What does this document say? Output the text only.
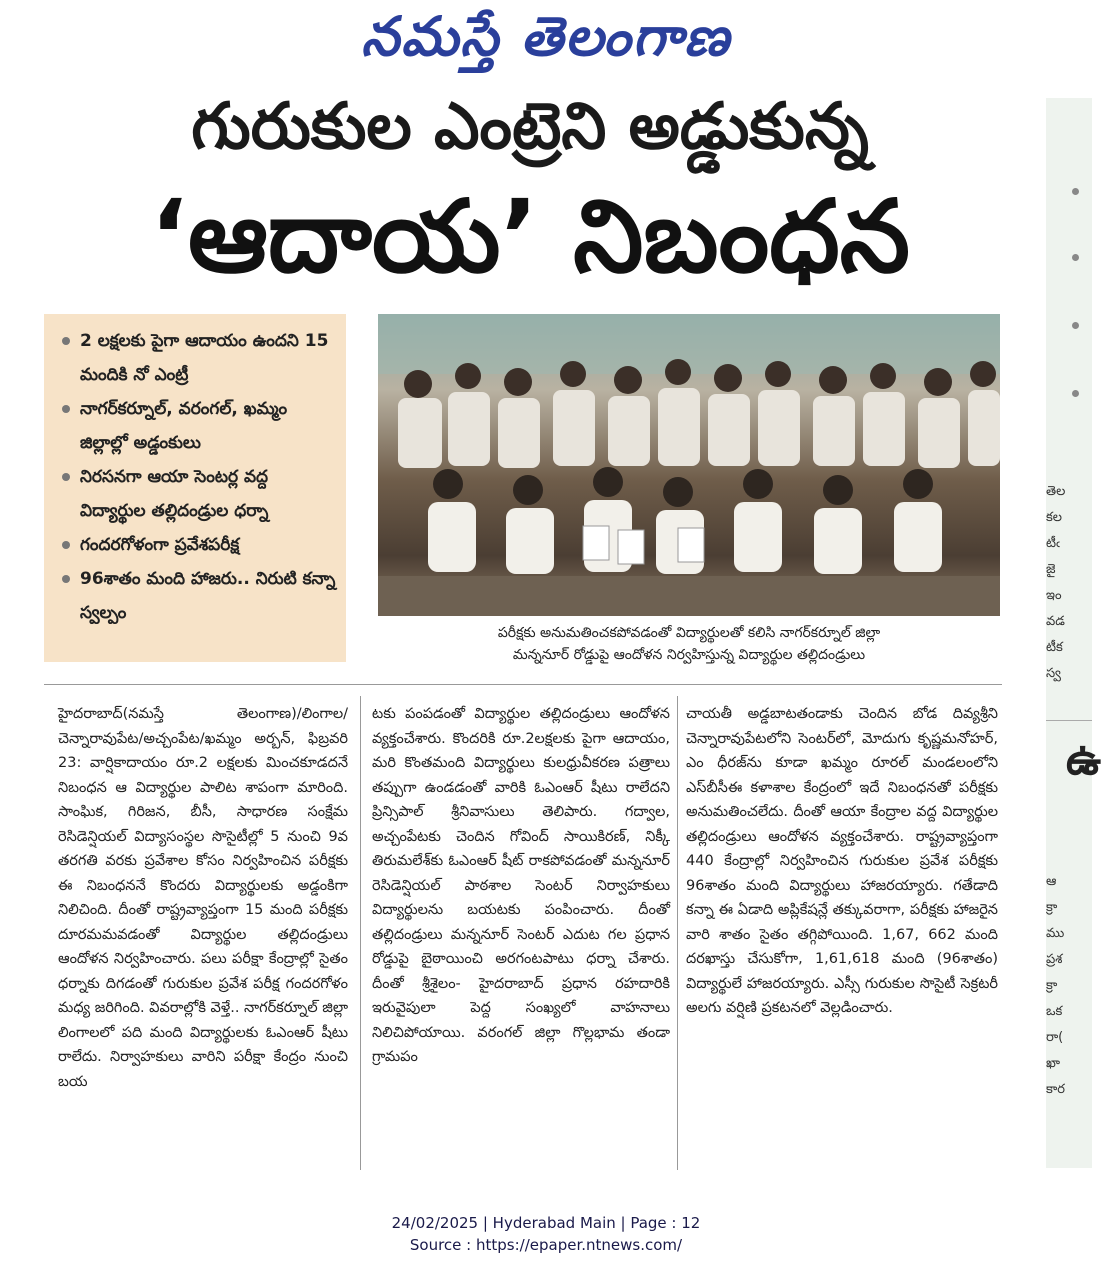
నమస్తే తెలంగాణ
గురుకుల ఎంట్రెని అడ్డుకున్న
‘ఆదాయ’ నిబంధన
2 లక్షలకు పైగా ఆదాయం ఉందని 15 మందికి నో ఎంట్రీ
నాగర్‌కర్నూల్‌, వరంగల్‌, ఖమ్మం జిల్లాల్లో అడ్డంకులు
నిరసనగా ఆయా సెంటర్ల వద్ద విద్యార్థుల తల్లిదండ్రుల ధర్నా
గందరగోళంగా ప్రవేశపరీక్ష
96శాతం మంది హాజరు.. నిరుటి కన్నా స్వల్పం
పరీక్షకు అనుమతించకపోవడంతో విద్యార్థులతో కలిసి నాగర్‌కర్నూల్‌ జిల్లా
మన్ననూర్‌ రోడ్డుపై ఆందోళన నిర్వహిస్తున్న విద్యార్థుల తల్లిదండ్రులు
హైదరాబాద్‌(నమస్తే తెలంగాణ)/లింగాల/చెన్నారావుపేట/అచ్చంపేట/ఖమ్మం అర్బన్‌, ఫిబ్రవరి 23: వార్షికాదాయం రూ.2 లక్షలకు మించకూడదనే నిబంధన ఆ విద్యార్థుల పాలిట శాపంగా మారింది. సాంఘిక, గిరిజన, బీసీ, సాధారణ సంక్షేమ రెసిడెన్షియల్‌ విద్యాసంస్థల సొసైటీల్లో 5 నుంచి 9వ తరగతి వరకు ప్రవేశాల కోసం నిర్వహించిన పరీక్షకు ఈ నిబంధననే కొందరు విద్యార్థులకు అడ్డంకిగా నిలిచింది. దీంతో రాష్ట్రవ్యాప్తంగా 15 మంది పరీక్షకు దూరమమవడంతో విద్యార్థుల తల్లిదండ్రులు ఆందోళన నిర్వహించారు. పలు పరీక్షా కేంద్రాల్లో సైతం ధర్నాకు దిగడంతో గురుకుల ప్రవేశ పరీక్ష గందరగోళం మధ్య జరిగింది. వివరాల్లోకి వెళ్తే.. నాగర్‌కర్నూల్‌ జిల్లా లింగాలలో పది మంది విద్యార్థులకు ఓఎంఆర్‌ షీటు రాలేదు. నిర్వాహకులు వారిని పరీక్షా కేంద్రం నుంచి బయ
టకు పంపడంతో విద్యార్థుల తల్లిదండ్రులు ఆందోళన వ్యక్తంచేశారు. కొందరికి రూ.2లక్షలకు పైగా ఆదాయం, మరి కొంతమంది విద్యార్థులు కులధ్రువీకరణ పత్రాలు తప్పుగా ఉండడంతో వారికి ఓఎంఆర్‌ షీటు రాలేదని ప్రిన్సిపాల్‌ శ్రీనివాసులు తెలిపారు. గద్వాల, అచ్చంపేటకు చెందిన గోవింద్‌ సాయికిరణ్‌, నిక్కీ తిరుమలేశ్‌కు ఓఎంఆర్‌ షీట్‌ రాకపోవడంతో మన్ననూర్‌ రెసిడెన్షియల్‌ పాఠశాల సెంటర్‌ నిర్వాహకులు విద్యార్థులను బయటకు పంపించారు. దీంతో తల్లిదండ్రులు మన్ననూర్‌ సెంటర్‌ ఎదుట గల ప్రధాన రోడ్డుపై బైఠాయించి అరగంటపాటు ధర్నా చేశారు. దీంతో శ్రీశైలం- హైదరాబాద్‌ ప్రధాన రహదారికి ఇరువైపులా పెద్ద సంఖ్యలో వాహనాలు నిలిచిపోయాయి. వరంగల్‌ జిల్లా గొల్లభామ తండా గ్రామపం
చాయతీ అడ్డబాటతండాకు చెందిన బోడ దివ్యశ్రీని చెన్నారావుపేటలోని సెంటర్‌లో, మోదుగు కృష్ణమనోహర్‌, ఎం ధీరజ్‌ను కూడా ఖమ్మం రూరల్‌ మండలంలోని ఎస్‌బీసీఈ కళాశాల కేంద్రంలో ఇదే నిబంధనతో పరీక్షకు అనుమతించలేదు. దీంతో ఆయా కేంద్రాల వద్ద విద్యార్థుల తల్లిదండ్రులు ఆందోళన వ్యక్తంచేశారు. రాష్ట్రవ్యాప్తంగా 440 కేంద్రాల్లో నిర్వహించిన గురుకుల ప్రవేశ పరీక్షకు 96శాతం మంది విద్యార్థులు హాజరయ్యారు. గతేడాది కన్నా ఈ ఏడాది అప్లికేషన్లే తక్కువరాగా, పరీక్షకు హాజరైన వారి శాతం సైతం తగ్గిపోయింది. 1,67, 662 మంది దరఖాస్తు చేసుకోగా, 1,61,618 మంది (96శాతం) విద్యార్థులే హాజరయ్యారు. ఎస్సీ గురుకుల సొసైటీ సెక్రటరీ అలగు వర్షిణి ప్రకటనలో వెల్లడించారు.
తెల
కల
టీఁ
జై
ఇం
వడ
టీక
స్వ
ఉ
ఆ
క్రా
ము
ప్రశ
క్రా
ఒక
రా(
ఖా
కార
24/02/2025 | Hyderabad Main | Page : 12
Source : https://epaper.ntnews.com/
